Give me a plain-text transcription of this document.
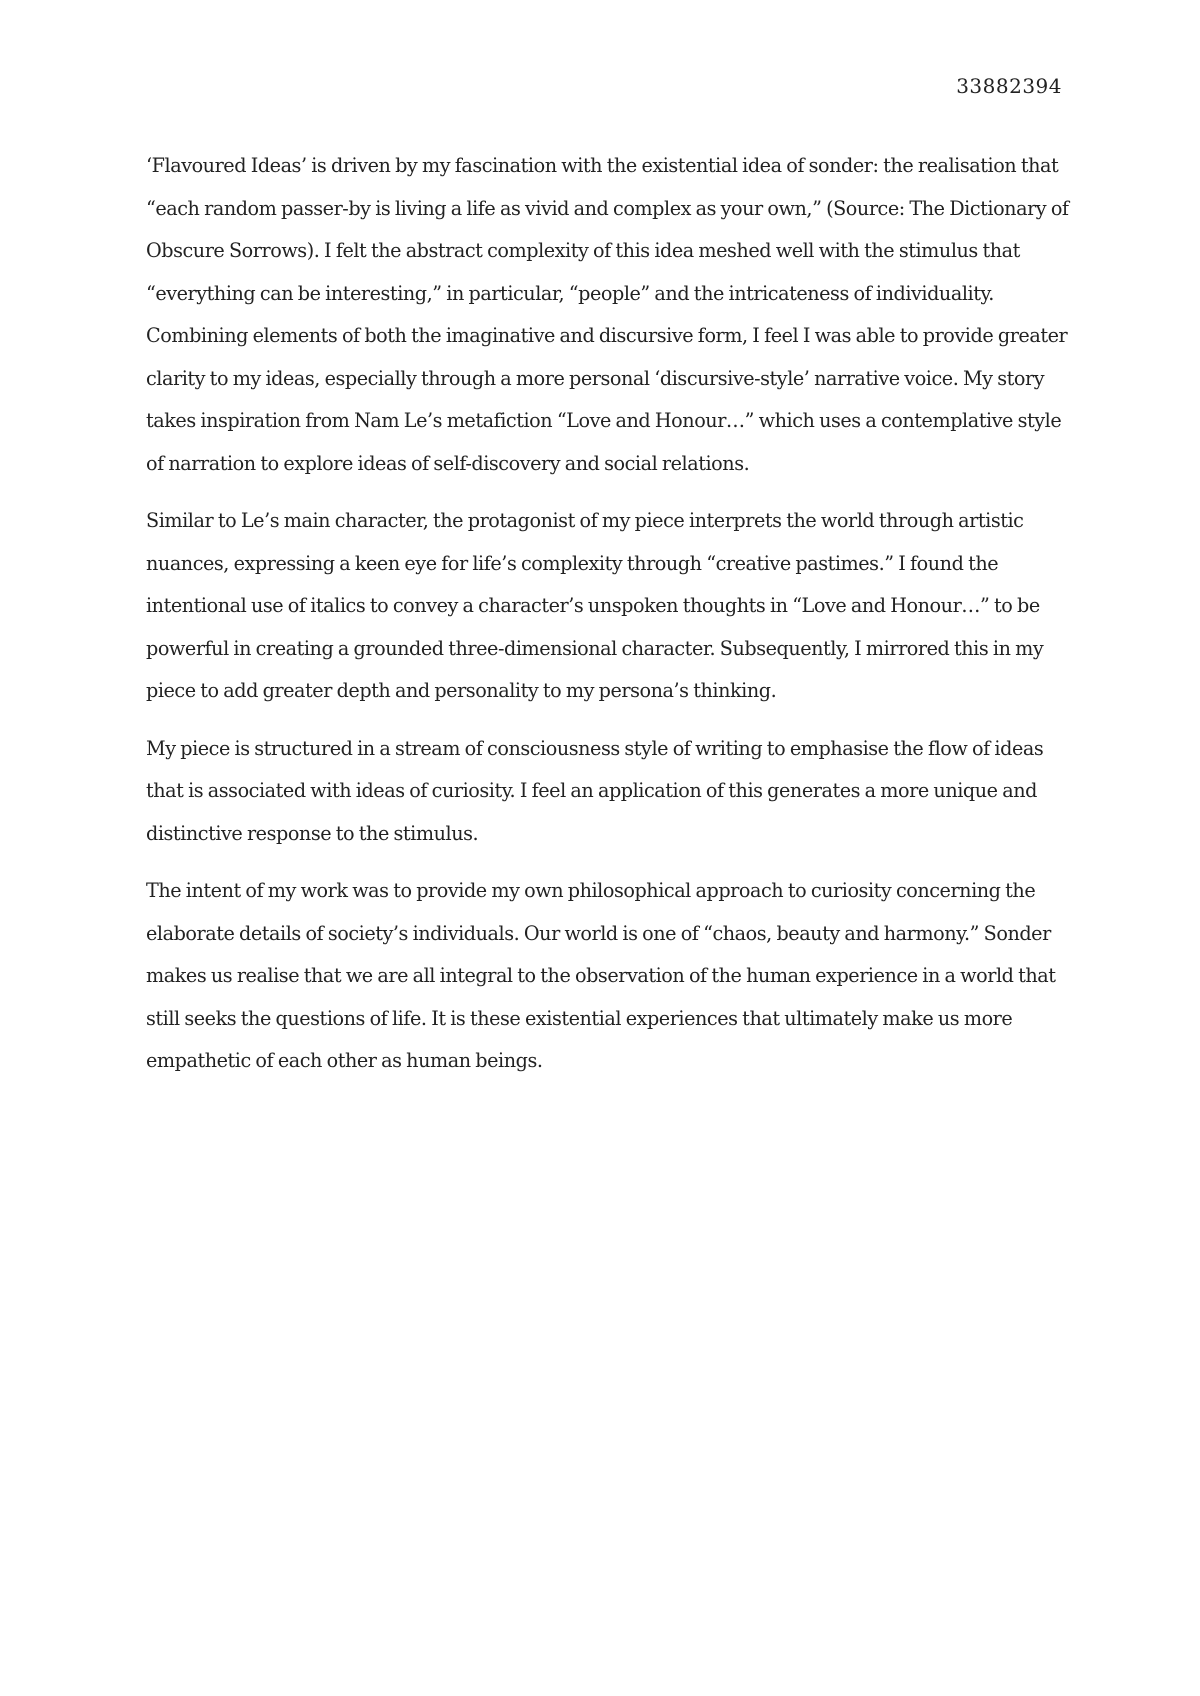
33882394

‘Flavoured Ideas’ is driven by my fascination with the existential idea of sonder: the realisation that “each random passer-by is living a life as vivid and complex as your own,” (Source: The Dictionary of Obscure Sorrows). I felt the abstract complexity of this idea meshed well with the stimulus that “everything can be interesting,” in particular, “people” and the intricateness of individuality. Combining elements of both the imaginative and discursive form, I feel I was able to provide greater clarity to my ideas, especially through a more personal ‘discursive-style’ narrative voice. My story takes inspiration from Nam Le’s metafiction “Love and Honour…” which uses a contemplative style of narration to explore ideas of self-discovery and social relations.

Similar to Le’s main character, the protagonist of my piece interprets the world through artistic nuances, expressing a keen eye for life’s complexity through “creative pastimes.” I found the intentional use of italics to convey a character’s unspoken thoughts in “Love and Honour…” to be powerful in creating a grounded three-dimensional character. Subsequently, I mirrored this in my piece to add greater depth and personality to my persona’s thinking.

My piece is structured in a stream of consciousness style of writing to emphasise the flow of ideas that is associated with ideas of curiosity. I feel an application of this generates a more unique and distinctive response to the stimulus.

The intent of my work was to provide my own philosophical approach to curiosity concerning the elaborate details of society’s individuals. Our world is one of “chaos, beauty and harmony.” Sonder makes us realise that we are all integral to the observation of the human experience in a world that still seeks the questions of life. It is these existential experiences that ultimately make us more empathetic of each other as human beings.
